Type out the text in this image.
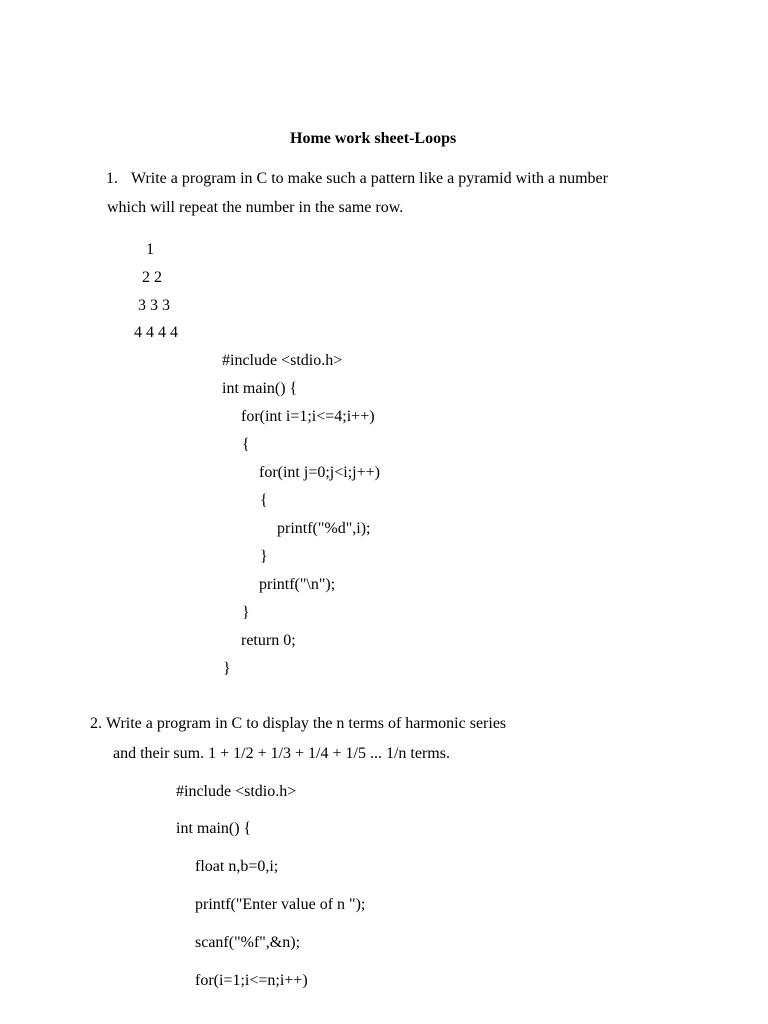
Home work sheet-Loops
1. Write a program in C to make such a pattern like a pyramid with a number
which will repeat the number in the same row.
1
2 2
3 3 3
4 4 4 4
#include <stdio.h>
int main() {
for(int i=1;i<=4;i++)
{
for(int j=0;j<i;j++)
{
printf("%d",i);
}
printf("\n");
}
return 0;
}
2. Write a program in C to display the n terms of harmonic series
and their sum. 1 + 1/2 + 1/3 + 1/4 + 1/5 ... 1/n terms.
#include <stdio.h>
int main() {
float n,b=0,i;
printf("Enter value of n ");
scanf("%f",&n);
for(i=1;i<=n;i++)
